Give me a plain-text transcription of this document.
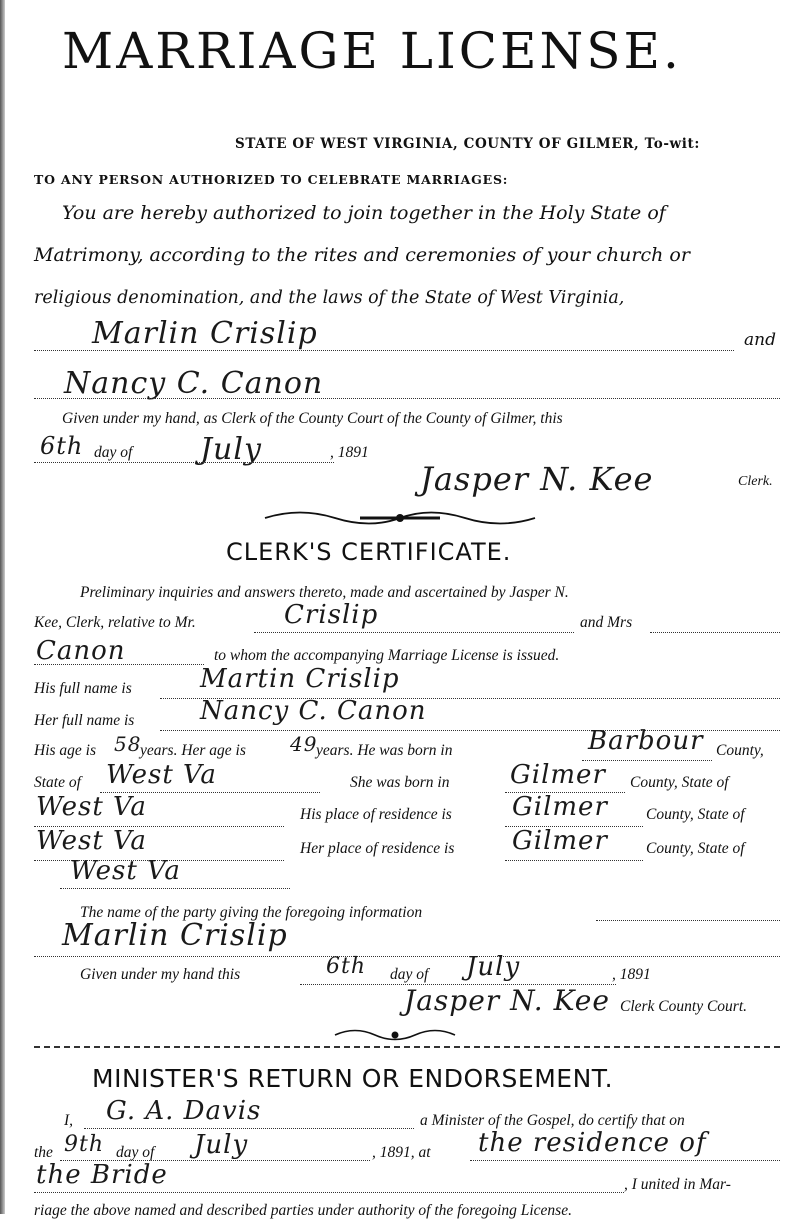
MARRIAGE LICENSE.
STATE OF WEST VIRGINIA, COUNTY OF GILMER, To-wit:
TO ANY PERSON AUTHORIZED TO CELEBRATE MARRIAGES:
You are hereby authorized to join together in the Holy State of
Matrimony, according to the rites and ceremonies of your church or
religious denomination, and the laws of the State of West Virginia,
Marlin Crislip	and
Nancy C. Canon
Given under my hand, as Clerk of the County Court of the County of Gilmer, this
6th day of July	, 1891
Jasper N. Kee	Clerk.
CLERK'S CERTIFICATE.
Preliminary inquiries and answers thereto, made and ascertained by Jasper N.
Kee, Clerk, relative to Mr.	Crislip	and Mrs
Canon	to whom the accompanying Marriage License is issued.
His full name is	Martin Crislip
Her full name is	Nancy C. Canon
His age is 58
years. Her age is 49
years. He was born in	Barbour County,
State of West Va	She was born in Gilmer County, State of
West Va	His place of residence is Gilmer County, State of
West Va	Her place of residence is Gilmer County, State of
West Va
The name of the party giving the foregoing information
Marlin Crislip
Given under my hand this	6th day of July	, 1891
Jasper N. Kee Clerk County Court.
MINISTER'S RETURN OR ENDORSEMENT.
I, G. A. Davis	a Minister of the Gospel, do certify that on
the 9th day of July	, 1891, at the residence of
the Bride	, I united in Mar-
riage the above named and described parties under authority of the foregoing License.
